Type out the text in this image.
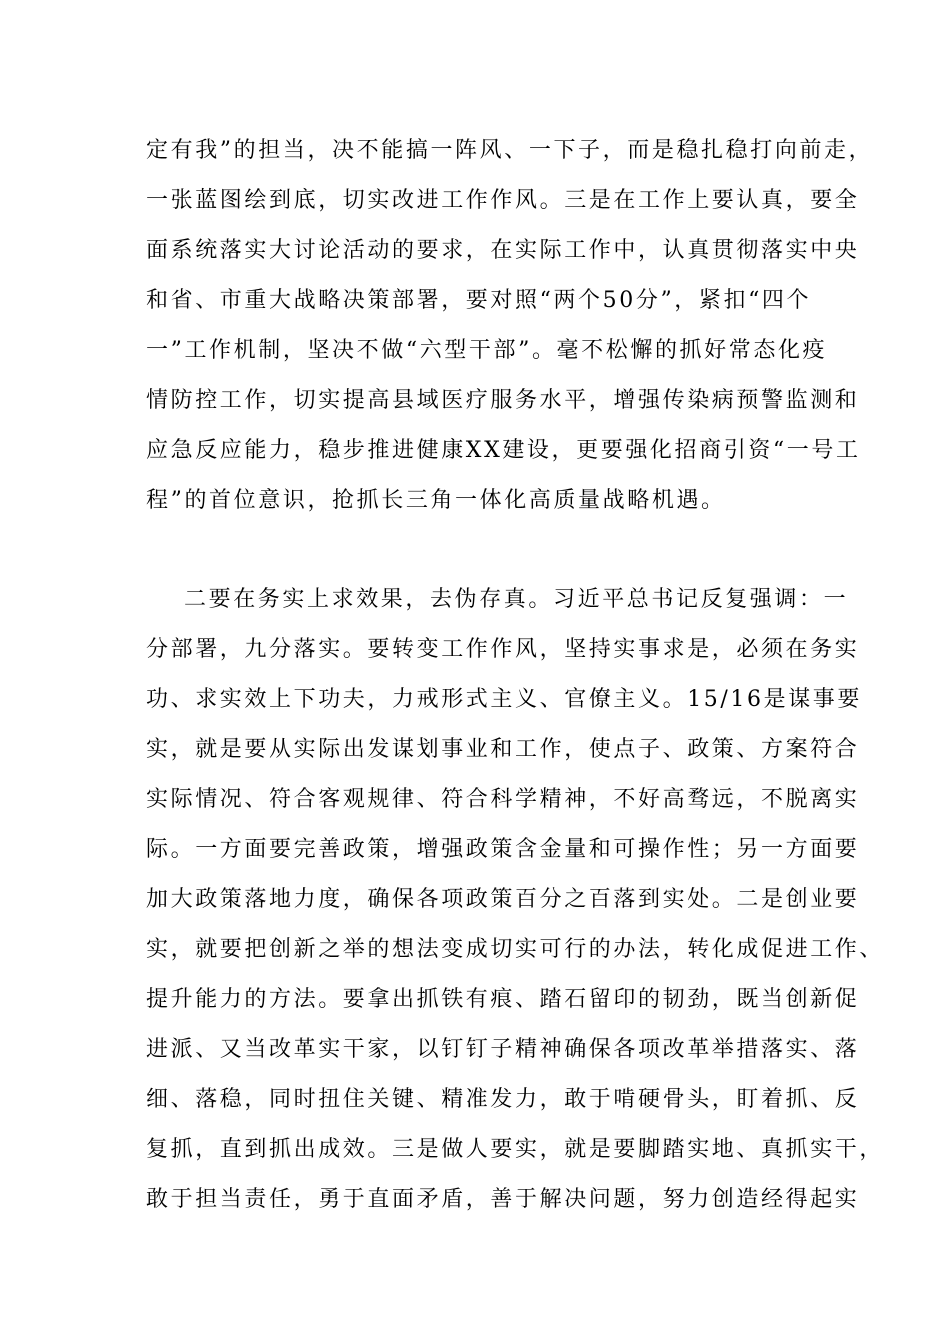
定有我”的担当，决不能搞一阵风、一下子，而是稳扎稳打向前走，
一张蓝图绘到底，切实改进工作作风。三是在工作上要认真，要全
面系统落实大讨论活动的要求，在实际工作中，认真贯彻落实中央
和省、市重大战略决策部署，要对照“两个50分”，紧扣“四个
一”工作机制，坚决不做“六型干部”。毫不松懈的抓好常态化疫
情防控工作，切实提高县域医疗服务水平，增强传染病预警监测和
应急反应能力，稳步推进健康XX建设，更要强化招商引资“一号工
程”的首位意识，抢抓长三角一体化高质量战略机遇。
二要在务实上求效果，去伪存真。习近平总书记反复强调：一
分部署，九分落实。要转变工作作风，坚持实事求是，必须在务实
功、求实效上下功夫，力戒形式主义、官僚主义。15/16是谋事要
实，就是要从实际出发谋划事业和工作，使点子、政策、方案符合
实际情况、符合客观规律、符合科学精神，不好高骛远，不脱离实
际。一方面要完善政策，增强政策含金量和可操作性；另一方面要
加大政策落地力度，确保各项政策百分之百落到实处。二是创业要
实，就要把创新之举的想法变成切实可行的办法，转化成促进工作、
提升能力的方法。要拿出抓铁有痕、踏石留印的韧劲，既当创新促
进派、又当改革实干家，以钉钉子精神确保各项改革举措落实、落
细、落稳，同时扭住关键、精准发力，敢于啃硬骨头，盯着抓、反
复抓，直到抓出成效。三是做人要实，就是要脚踏实地、真抓实干，
敢于担当责任，勇于直面矛盾，善于解决问题，努力创造经得起实
